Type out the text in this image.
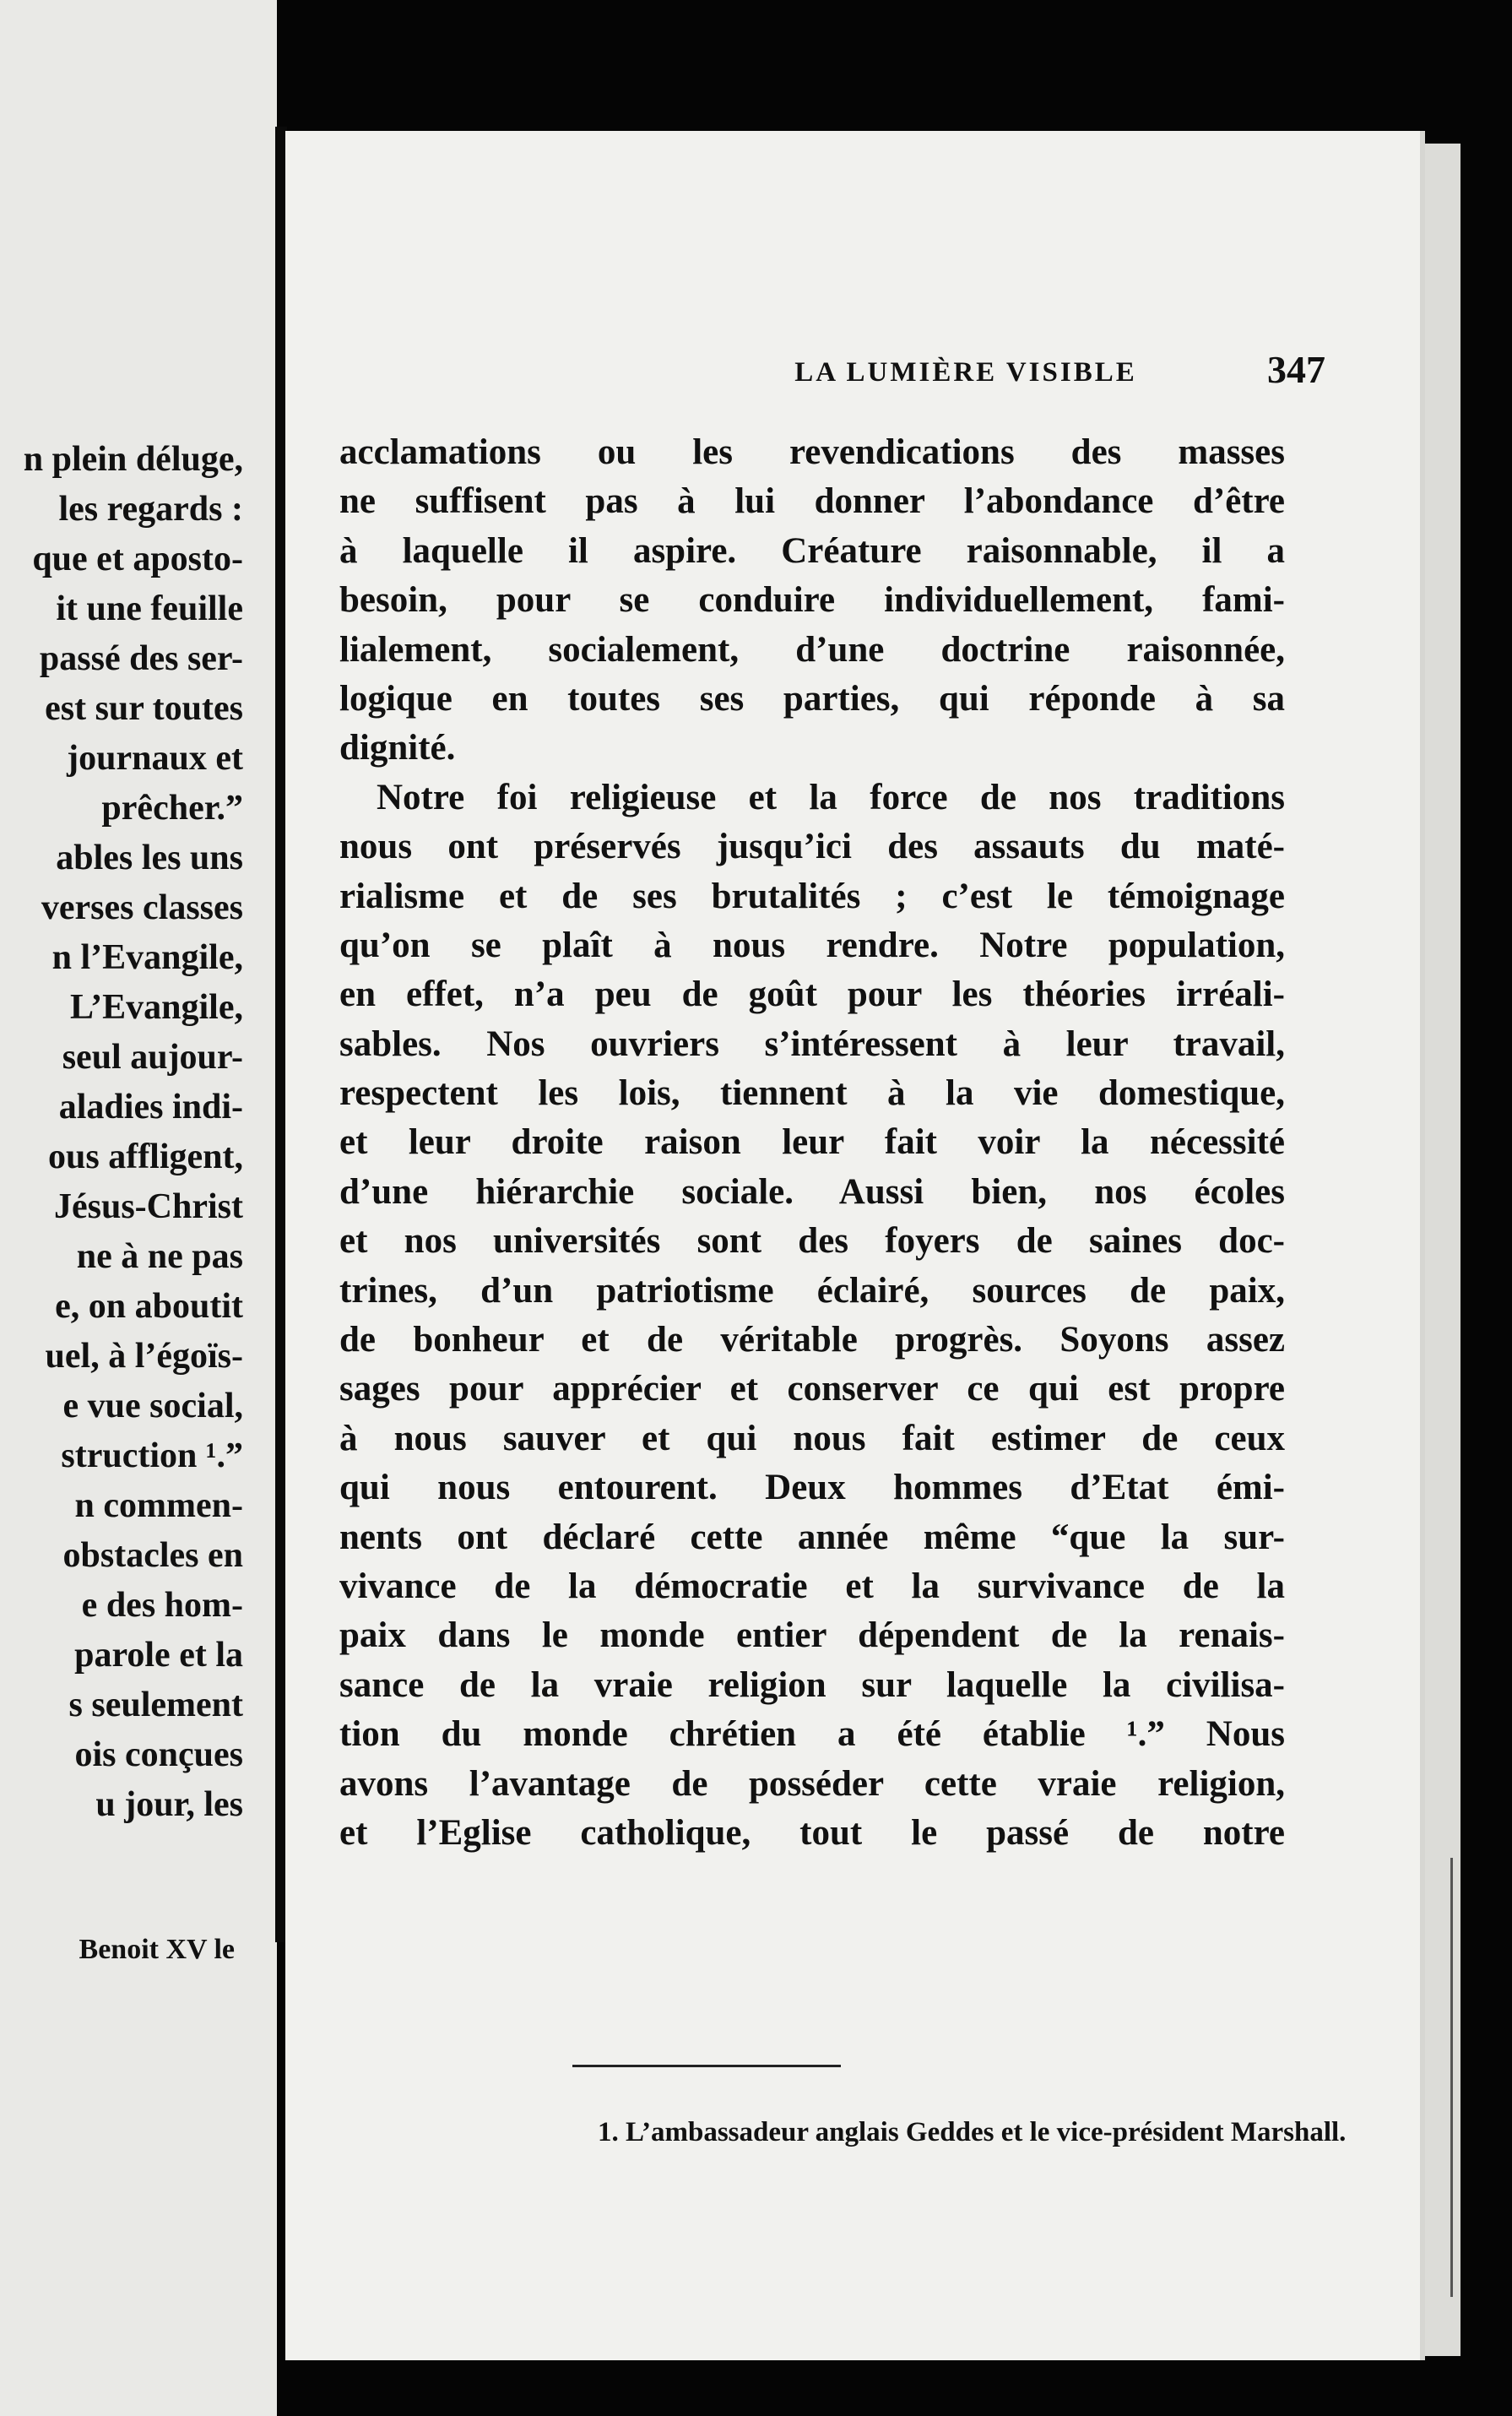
n plein déluge,
les regards :
que et aposto-
it une feuille
passé des ser-
est sur toutes
journaux et
prêcher.”
ables les uns
verses classes
n l’Evangile,
L’Evangile,
seul aujour-
aladies indi-
ous affligent,
Jésus-Christ
ne à ne pas
e, on aboutit
uel, à l’égoïs-
e vue social,
struction ¹.”
n commen-
obstacles en
e des hom-
parole et la
s seulement
ois conçues
u jour, les
Benoit XV le
LA LUMIÈRE VISIBLE	347
acclamations ou les revendications des masses
ne suffisent pas à lui donner l’abondance d’être
à laquelle il aspire. Créature raisonnable, il a
besoin, pour se conduire individuellement, fami-
lialement, socialement, d’une doctrine raisonnée,
logique en toutes ses parties, qui réponde à sa
dignité.
Notre foi religieuse et la force de nos traditions
nous ont préservés jusqu’ici des assauts du maté-
rialisme et de ses brutalités ; c’est le témoignage
qu’on se plaît à nous rendre. Notre population,
en effet, n’a peu de goût pour les théories irréali-
sables. Nos ouvriers s’intéressent à leur travail,
respectent les lois, tiennent à la vie domestique,
et leur droite raison leur fait voir la nécessité
d’une hiérarchie sociale. Aussi bien, nos écoles
et nos universités sont des foyers de saines doc-
trines, d’un patriotisme éclairé, sources de paix,
de bonheur et de véritable progrès. Soyons assez
sages pour apprécier et conserver ce qui est propre
à nous sauver et qui nous fait estimer de ceux
qui nous entourent. Deux hommes d’Etat émi-
nents ont déclaré cette année même “que la sur-
vivance de la démocratie et la survivance de la
paix dans le monde entier dépendent de la renais-
sance de la vraie religion sur laquelle la civilisa-
tion du monde chrétien a été établie ¹.” Nous
avons l’avantage de posséder cette vraie religion,
et l’Eglise catholique, tout le passé de notre
1. L’ambassadeur anglais Geddes et le vice-président Marshall.
